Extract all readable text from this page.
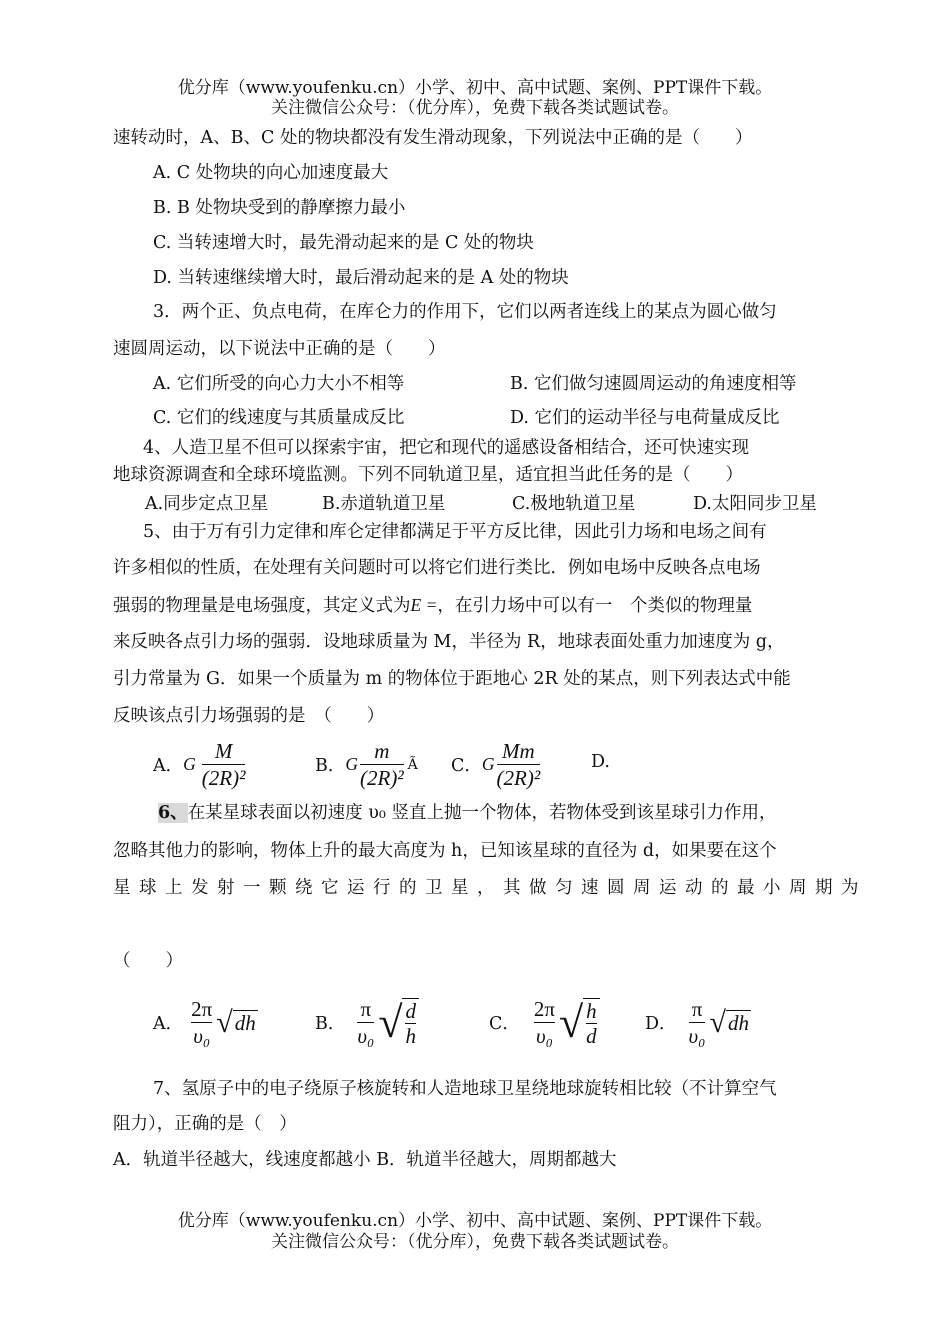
优分库（www.youfenku.cn）小学、初中、高中试题、案例、PPT课件下载。
关注微信公众号：（优分库），免费下载各类试题试卷。
速转动时，A、B、C 处的物块都没有发生滑动现象，下列说法中正确的是（　　）
A. C 处物块的向心加速度最大
B. B 处物块受到的静摩擦力最小
C. 当转速增大时，最先滑动起来的是 C 处的物块
D. 当转速继续增大时，最后滑动起来的是 A 处的物块
3．两个正、负点电荷，在库仑力的作用下，它们以两者连线上的某点为圆心做匀
速圆周运动，以下说法中正确的是（　　）
A. 它们所受的向心力大小不相等	B. 它们做匀速圆周运动的角速度相等
C. 它们的线速度与其质量成反比	D. 它们的运动半径与电荷量成反比
4、人造卫星不但可以探索宇宙，把它和现代的遥感设备相结合，还可快速实现
地球资源调查和全球环境监测。下列不同轨道卫星，适宜担当此任务的是（　　）
A.同步定点卫星	B.赤道轨道卫星	C.极地轨道卫星	D.太阳同步卫星
5、由于万有引力定律和库仑定律都满足于平方反比律，因此引力场和电场之间有
许多相似的性质，在处理有关问题时可以将它们进行类比．例如电场中反映各点电场
强弱的物理量是电场强度，其定义式为E =，在引力场中可以有一　个类似的物理量
来反映各点引力场的强弱．设地球质量为 M，半径为 R，地球表面处重力加速度为 g，
引力常量为 G．如果一个质量为 m 的物体位于距地心 2R 处的某点，则下列表达式中能
反映该点引力场强弱的是　（　　）
A． G $\frac{M}{\text{(2R)²}}$	B． G $\frac{m}{\text{(2R)²}}$ Ã C． G $\frac{Mm}{\text{(2R)²}}$	D.
6、在某星球表面以初速度 υ₀ 竖直上抛一个物体，若物体受到该星球引力作用，
忽略其他力的影响，物体上升的最大高度为 h，已知该星球的直径为 d，如果要在这个
星球上发射一颗绕它运行的卫星，其做匀速圆周运动的最小周期为
（　　）
A． $\frac{2\pi}{\text{υ₀}}$ √ dh	B． $\frac{\pi}{\text{υ₀}}$ √ $\frac{d}{h}$	C． $\frac{2\pi}{\text{υ₀}}$ √ $\frac{h}{d}$	D． $\frac{\pi}{\text{υ₀}}$ √ dh
7、氢原子中的电子绕原子核旋转和人造地球卫星绕地球旋转相比较（不计算空气
阻力），正确的是（　）
A．轨道半径越大，线速度都越小 B．轨道半径越大，周期都越大
优分库（www.youfenku.cn）小学、初中、高中试题、案例、PPT课件下载。
关注微信公众号：（优分库），免费下载各类试题试卷。
